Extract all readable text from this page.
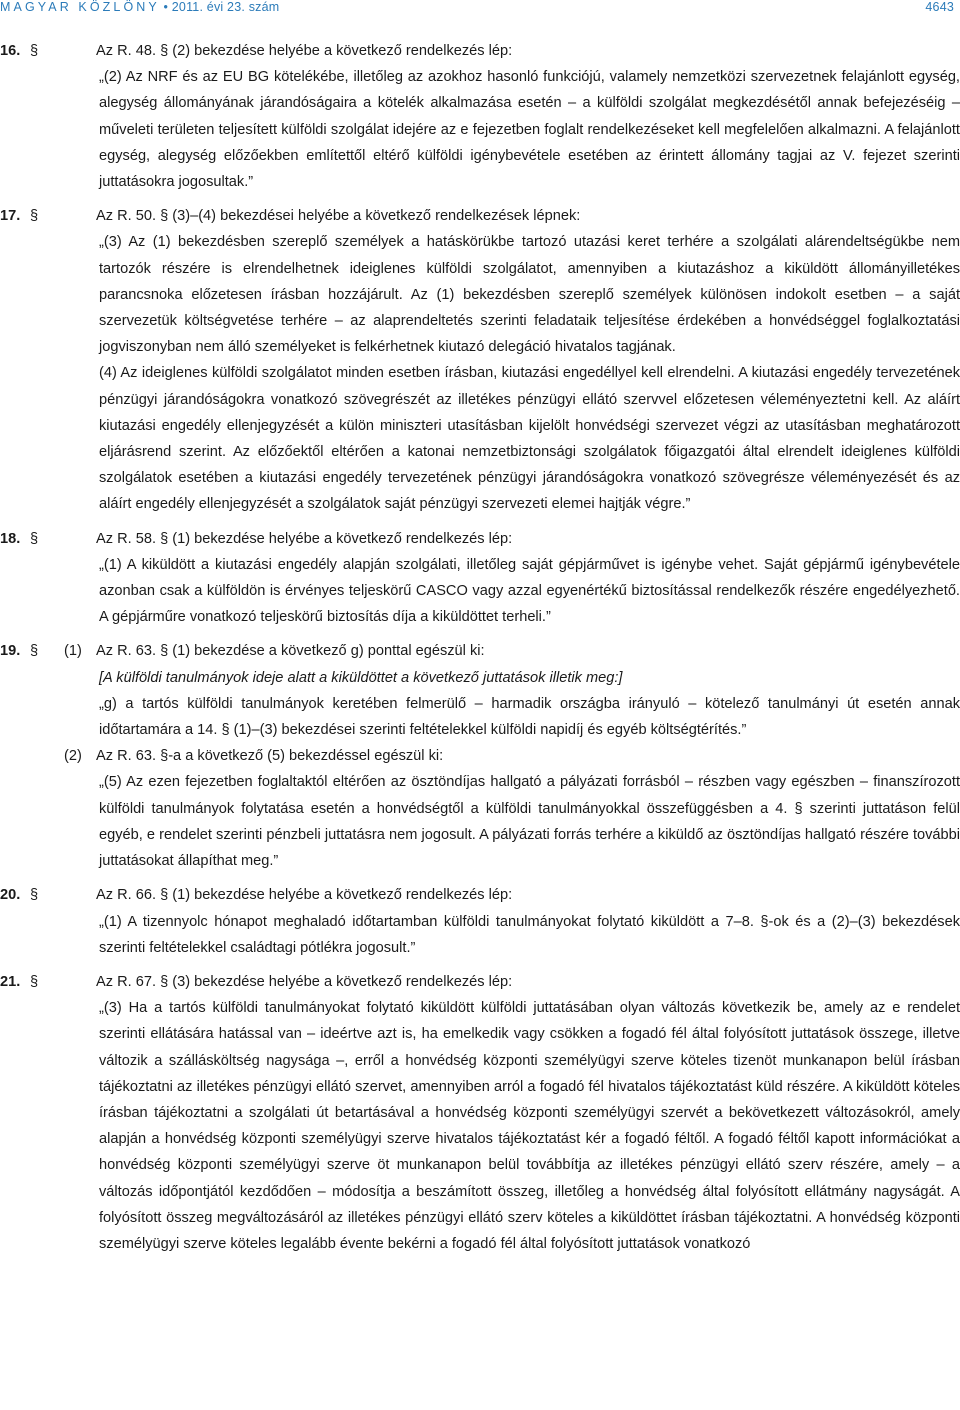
MAGYAR KÖZLÖNY • 2011. évi 23. szám	4643
16. §	Az R. 48. § (2) bekezdése helyébe a következő rendelkezés lép:

„(2) Az NRF és az EU BG kötelékébe, illetőleg az azokhoz hasonló funkciójú, valamely nemzetközi szervezetnek felajánlott egység, alegység állományának járandóságaira a kötelék alkalmazása esetén – a külföldi szolgálat megkezdésétől annak befejezéséig – műveleti területen teljesített külföldi szolgálat idejére az e fejezetben foglalt rendelkezéseket kell megfelelően alkalmazni. A felajánlott egység, alegység előzőekben említettől eltérő külföldi igénybevétele esetében az érintett állomány tagjai az V. fejezet szerinti juttatásokra jogosultak.”

17. §	Az R. 50. § (3)–(4) bekezdései helyébe a következő rendelkezések lépnek:

„(3) Az (1) bekezdésben szereplő személyek a hatáskörükbe tartozó utazási keret terhére a szolgálati alárendeltségükbe nem tartozók részére is elrendelhetnek ideiglenes külföldi szolgálatot, amennyiben a kiutazáshoz a kiküldött állományilletékes parancsnoka előzetesen írásban hozzájárult. Az (1) bekezdésben szereplő személyek különösen indokolt esetben – a saját szervezetük költségvetése terhére – az alaprendeltetés szerinti feladataik teljesítése érdekében a honvédséggel foglalkoztatási jogviszonyban nem álló személyeket is felkérhetnek kiutazó delegáció hivatalos tagjának.

(4) Az ideiglenes külföldi szolgálatot minden esetben írásban, kiutazási engedéllyel kell elrendelni. A kiutazási engedély tervezetének pénzügyi járandóságokra vonatkozó szövegrészét az illetékes pénzügyi ellátó szervvel előzetesen véleményeztetni kell. Az aláírt kiutazási engedély ellenjegyzését a külön miniszteri utasításban kijelölt honvédségi szervezet végzi az utasításban meghatározott eljárásrend szerint. Az előzőektől eltérően a katonai nemzetbiztonsági szolgálatok főigazgatói által elrendelt ideiglenes külföldi szolgálatok esetében a kiutazási engedély tervezetének pénzügyi járandóságokra vonatkozó szövegrésze véleményezését és az aláírt engedély ellenjegyzését a szolgálatok saját pénzügyi szervezeti elemei hajtják végre.”

18. §	Az R. 58. § (1) bekezdése helyébe a következő rendelkezés lép:

„(1) A kiküldött a kiutazási engedély alapján szolgálati, illetőleg saját gépjárművet is igénybe vehet. Saját gépjármű igénybevétele azonban csak a külföldön is érvényes teljeskörű CASCO vagy azzal egyenértékű biztosítással rendelkezők részére engedélyezhető. A gépjárműre vonatkozó teljeskörű biztosítás díja a kiküldöttet terheli.”

19. § (1) Az R. 63. § (1) bekezdése a következő g) ponttal egészül ki:

[A külföldi tanulmányok ideje alatt a kiküldöttet a következő juttatások illetik meg:]

„g) a tartós külföldi tanulmányok keretében felmerülő – harmadik országba irányuló – kötelező tanulmányi út esetén annak időtartamára a 14. § (1)–(3) bekezdései szerinti feltételekkel külföldi napidíj és egyéb költségtérítés.”

(2) Az R. 63. §-a a következő (5) bekezdéssel egészül ki:

„(5) Az ezen fejezetben foglaltaktól eltérően az ösztöndíjas hallgató a pályázati forrásból – részben vagy egészben – finanszírozott külföldi tanulmányok folytatása esetén a honvédségtől a külföldi tanulmányokkal összefüggésben a 4. § szerinti juttatáson felül egyéb, e rendelet szerinti pénzbeli juttatásra nem jogosult. A pályázati forrás terhére a kiküldő az ösztöndíjas hallgató részére további juttatásokat állapíthat meg.”

20. §	Az R. 66. § (1) bekezdése helyébe a következő rendelkezés lép:

„(1) A tizennyolc hónapot meghaladó időtartamban külföldi tanulmányokat folytató kiküldött a 7–8. §-ok és a (2)–(3) bekezdések szerinti feltételekkel családtagi pótlékra jogosult.”

21. §	Az R. 67. § (3) bekezdése helyébe a következő rendelkezés lép:

„(3) Ha a tartós külföldi tanulmányokat folytató kiküldött külföldi juttatásában olyan változás következik be, amely az e rendelet szerinti ellátására hatással van – ideértve azt is, ha emelkedik vagy csökken a fogadó fél által folyósított juttatások összege, illetve változik a szállásköltség nagysága –, erről a honvédség központi személyügyi szerve köteles tizenöt munkanapon belül írásban tájékoztatni az illetékes pénzügyi ellátó szervet, amennyiben arról a fogadó fél hivatalos tájékoztatást küld részére. A kiküldött köteles írásban tájékoztatni a szolgálati út betartásával a honvédség központi személyügyi szervét a bekövetkezett változásokról, amely alapján a honvédség központi személyügyi szerve hivatalos tájékoztatást kér a fogadó féltől. A fogadó féltől kapott információkat a honvédség központi személyügyi szerve öt munkanapon belül továbbítja az illetékes pénzügyi ellátó szerv részére, amely – a változás időpontjától kezdődően – módosítja a beszámított összeg, illetőleg a honvédség által folyósított ellátmány nagyságát. A folyósított összeg megváltozásáról az illetékes pénzügyi ellátó szerv köteles a kiküldöttet írásban tájékoztatni. A honvédség központi személyügyi szerve köteles legalább évente bekérni a fogadó fél által folyósított juttatások vonatkozó
